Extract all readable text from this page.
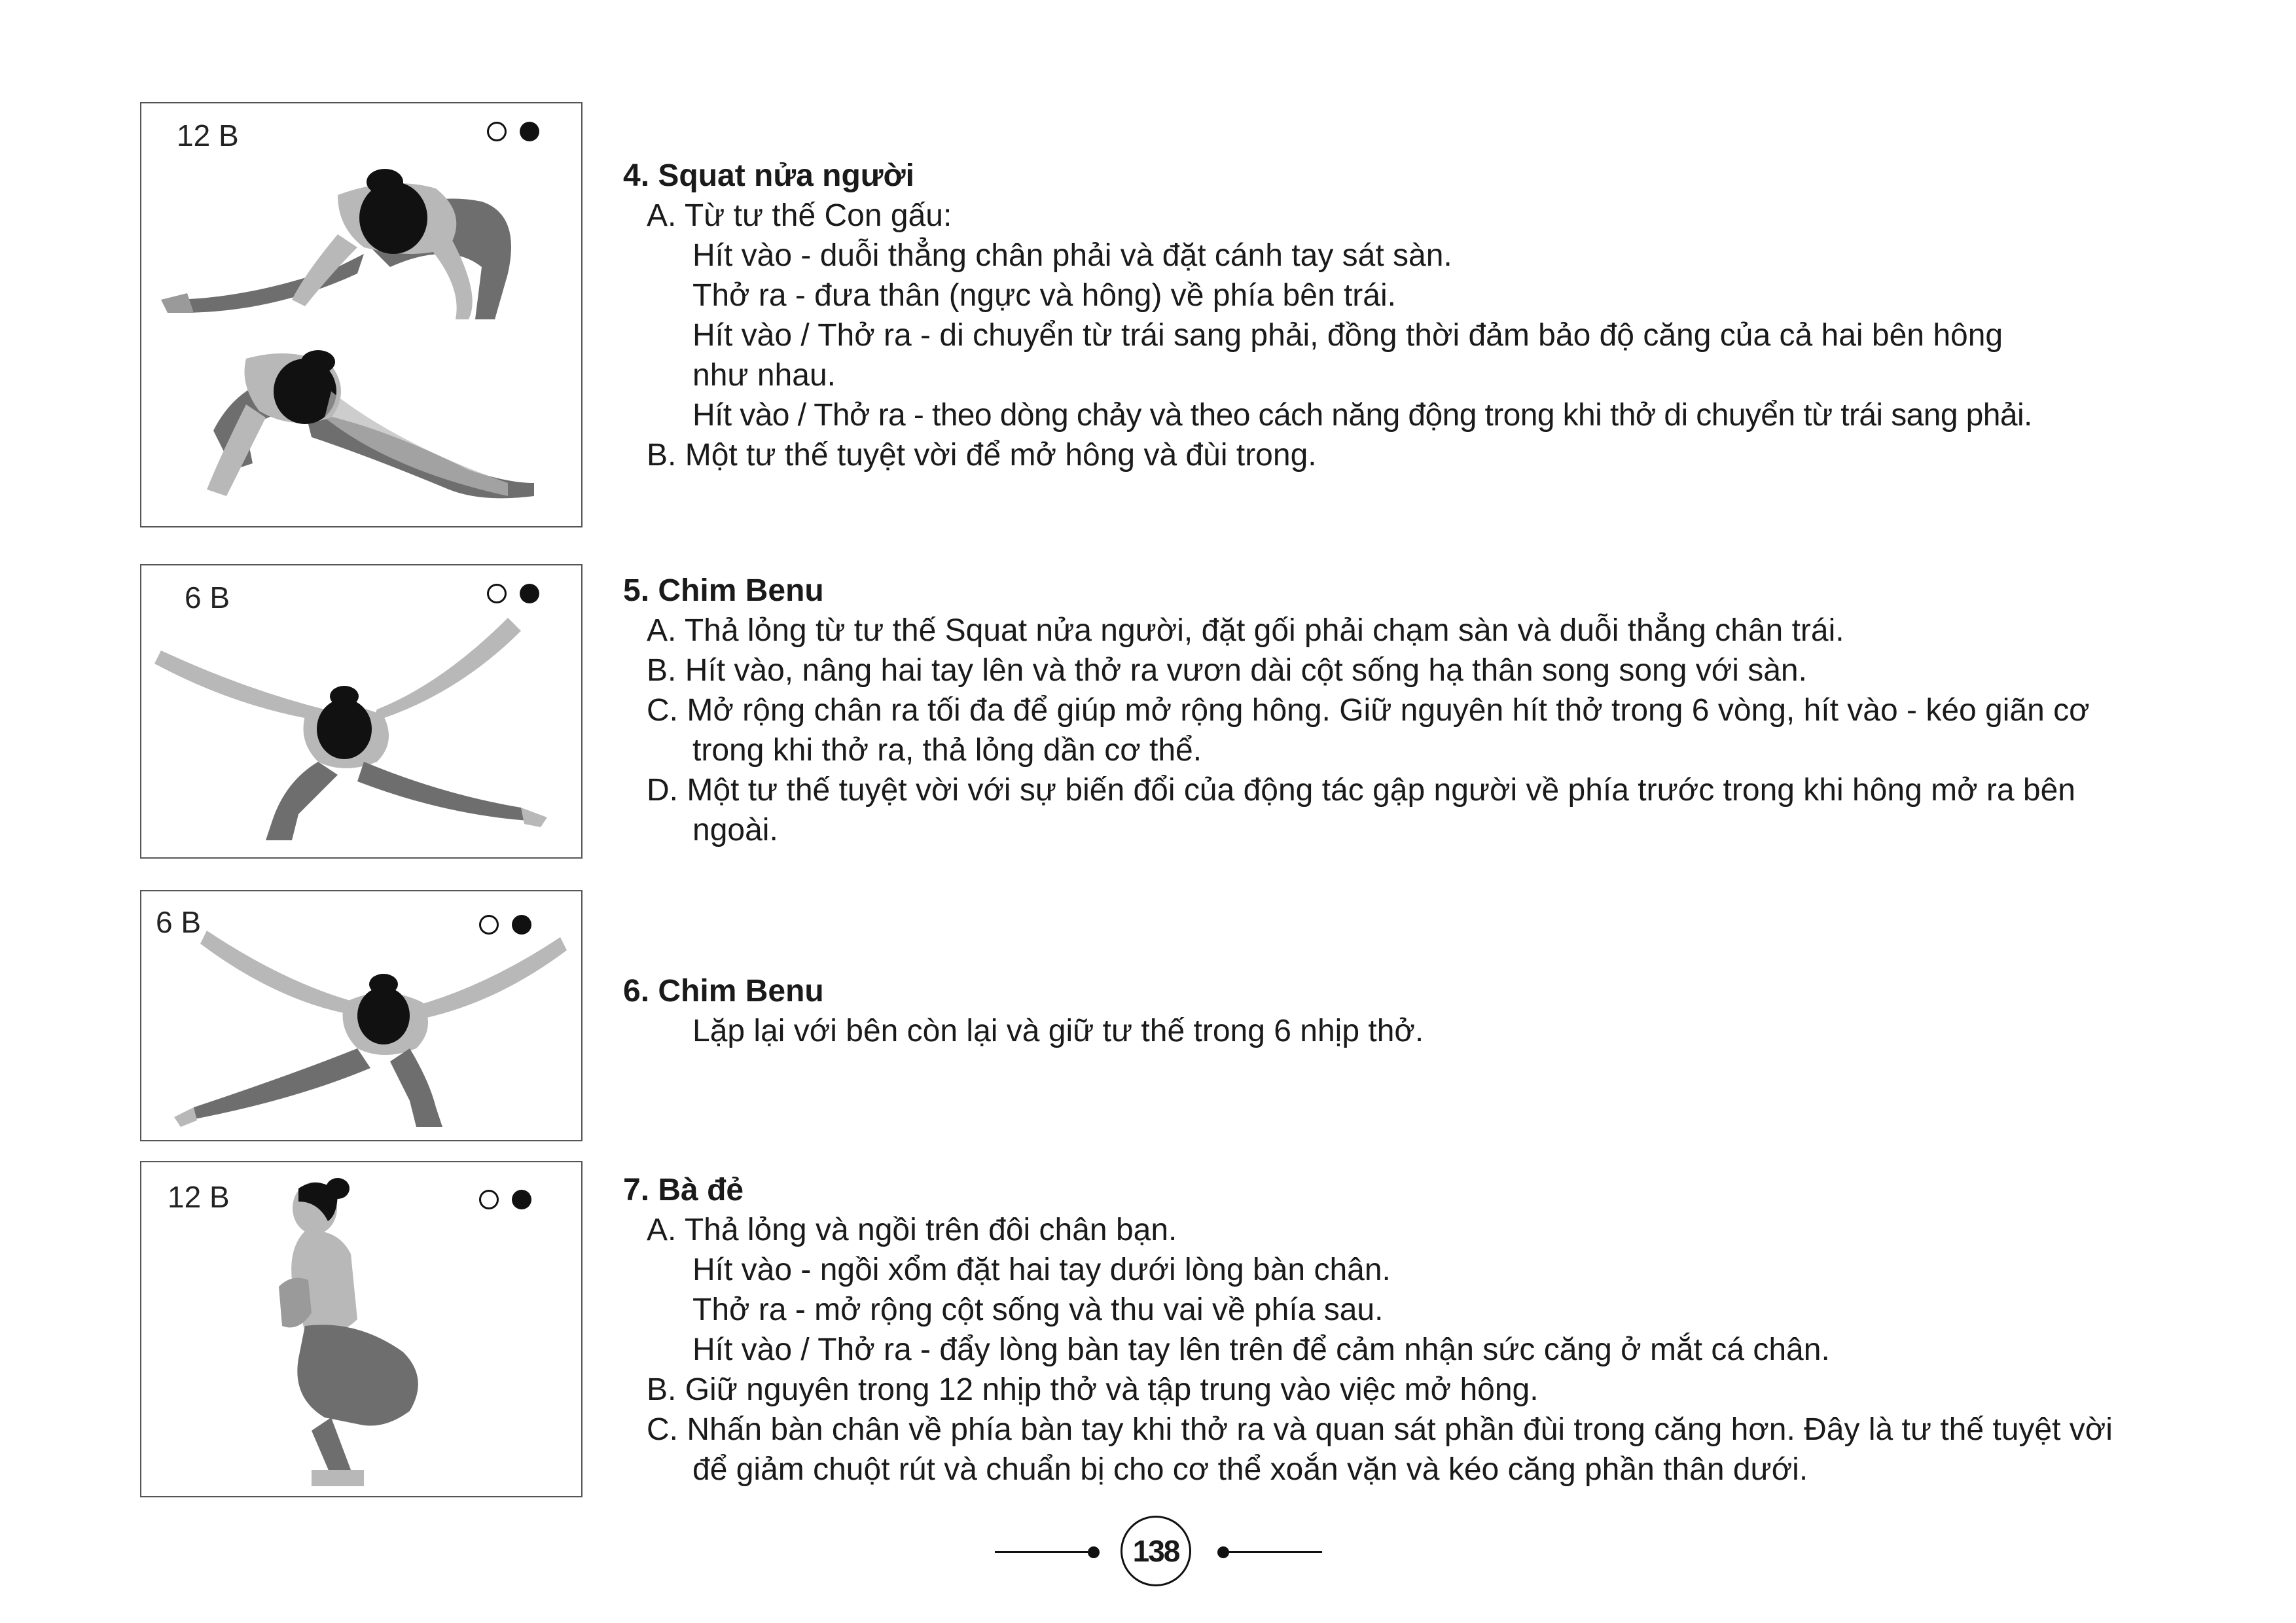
12 B

4. Squat nửa người

A. Từ tư thế Con gấu:

Hít vào - duỗi thẳng chân phải và đặt cánh tay sát sàn.

Thở ra - đưa thân (ngực và hông) về phía bên trái.

Hít vào / Thở ra - di chuyển từ trái sang phải, đồng thời đảm bảo độ căng của cả hai bên hông

như nhau.

Hít vào / Thở ra - theo dòng chảy và theo cách năng động trong khi thở di chuyển từ trái sang phải.

B. Một tư thế tuyệt vời để mở hông và đùi trong.

6 B	5. Chim Benu

A. Thả lỏng từ tư thế Squat nửa người, đặt gối phải chạm sàn và duỗi thẳng chân trái.

B. Hít vào, nâng hai tay lên và thở ra vươn dài cột sống hạ thân song song với sàn.

C. Mở rộng chân ra tối đa để giúp mở rộng hông. Giữ nguyên hít thở trong 6 vòng, hít vào - kéo giãn cơ trong khi thở ra, thả lỏng dần cơ thể.

D. Một tư thế tuyệt vời với sự biến đổi của động tác gập người về phía trước trong khi hông mở ra bên ngoài.

6 B

6. Chim Benu

Lặp lại với bên còn lại và giữ tư thế trong 6 nhịp thở.

12 B	7. Bà đẻ

A. Thả lỏng và ngồi trên đôi chân bạn.

Hít vào - ngồi xổm đặt hai tay dưới lòng bàn chân.

Thở ra - mở rộng cột sống và thu vai về phía sau.

Hít vào / Thở ra - đẩy lòng bàn tay lên trên để cảm nhận sức căng ở mắt cá chân.

B. Giữ nguyên trong 12 nhịp thở và tập trung vào việc mở hông.

C. Nhấn bàn chân về phía bàn tay khi thở ra và quan sát phần đùi trong căng hơn. Đây là tư thế tuyệt vời để giảm chuột rút và chuẩn bị cho cơ thể xoắn vặn và kéo căng phần thân dưới.

138
